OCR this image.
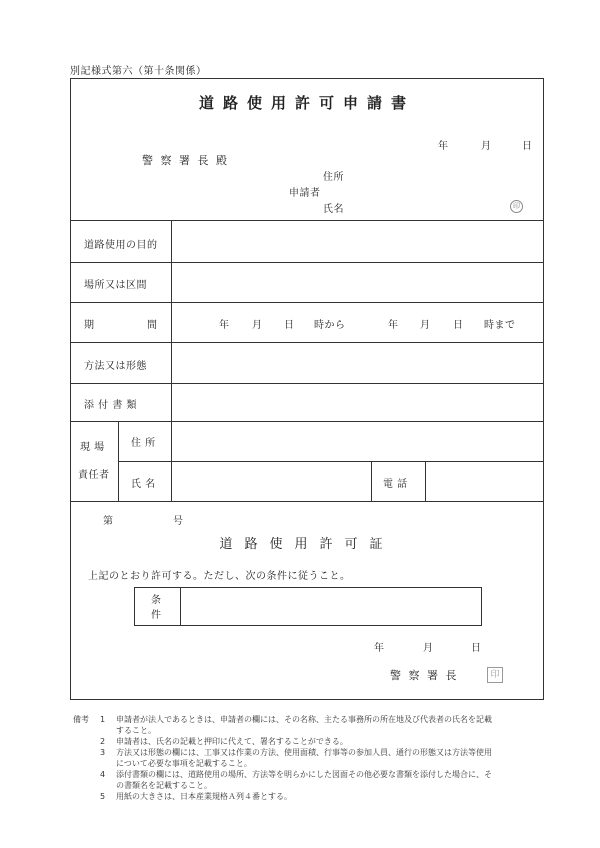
別記様式第六（第十条関係）
道路使用許可申請書
年	月	日
警 察 署 長 殿
住所
申請者
氏名	印
道路使用の目的
場所又は区間
期	間	年 月 日 時から	年 月 日 時まで
方法又は形態
添 付 書 類
現 場
責任者
住 所
氏 名	電 話
第	号
道路使用許可証
上記のとおり許可する。ただし、次の条件に従うこと。
条
件
年	月	日
警 察 署 長	印
備考 1 申請者が法人であるときは、申請者の欄には、その名称、主たる事務所の所在地及び代表者の氏名を記載
すること。
2 申請者は、氏名の記載と押印に代えて、署名することができる。
3 方法又は形態の欄には、工事又は作業の方法、使用面積、行事等の参加人員、通行の形態又は方法等使用
について必要な事項を記載すること。
4 添付書類の欄には、道路使用の場所、方法等を明らかにした図面その他必要な書類を添付した場合に、そ
の書類名を記載すること。
5 用紙の大きさは、日本産業規格Ａ列４番とする。
